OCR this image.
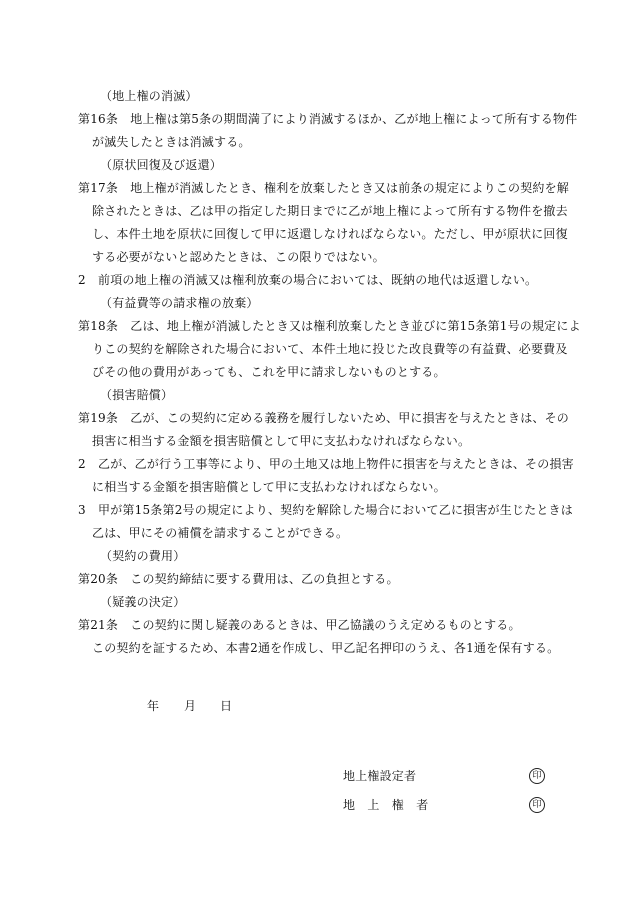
（地上権の消滅）
第16条　地上権は第5条の期間満了により消滅するほか、乙が地上権によって所有する物件
が滅失したときは消滅する。
（原状回復及び返還）
第17条　地上権が消滅したとき、権利を放棄したとき又は前条の規定によりこの契約を解
除されたときは、乙は甲の指定した期日までに乙が地上権によって所有する物件を撤去
し、本件土地を原状に回復して甲に返還しなければならない。ただし、甲が原状に回復
する必要がないと認めたときは、この限りではない。
2　前項の地上権の消滅又は権利放棄の場合においては、既納の地代は返還しない。
（有益費等の請求権の放棄）
第18条　乙は、地上権が消滅したとき又は権利放棄したとき並びに第15条第1号の規定によ
りこの契約を解除された場合において、本件土地に投じた改良費等の有益費、必要費及
びその他の費用があっても、これを甲に請求しないものとする。
（損害賠償）
第19条　乙が、この契約に定める義務を履行しないため、甲に損害を与えたときは、その
損害に相当する金額を損害賠償として甲に支払わなければならない。
2　乙が、乙が行う工事等により、甲の土地又は地上物件に損害を与えたときは、その損害
に相当する金額を損害賠償として甲に支払わなければならない。
3　甲が第15条第2号の規定により、契約を解除した場合において乙に損害が生じたときは
乙は、甲にその補償を請求することができる。
（契約の費用）
第20条　この契約締結に要する費用は、乙の負担とする。
（疑義の決定）
第21条　この契約に関し疑義のあるときは、甲乙協議のうえ定めるものとする。
この契約を証するため、本書2通を作成し、甲乙記名押印のうえ、各1通を保有する。
年 月 日
地上権設定者	印
地　上　権　者	印
